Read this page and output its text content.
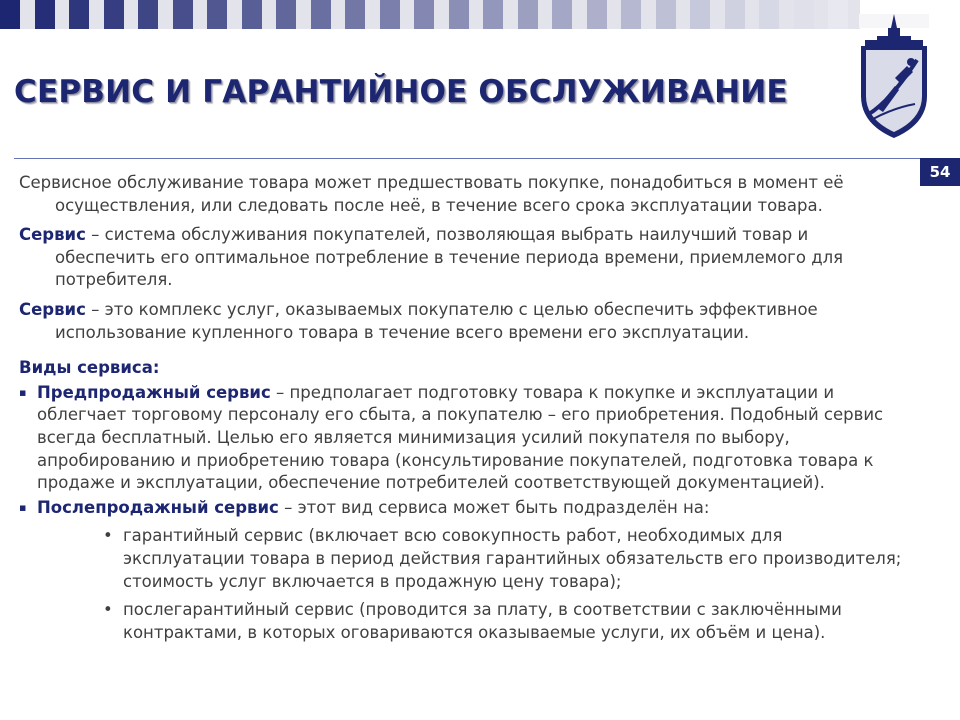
СЕРВИС И ГАРАНТИЙНОЕ ОБСЛУЖИВАНИЕ
54

Сервисное обслуживание товара может предшествовать покупке, понадобиться в момент её осуществления, или следовать после неё, в течение всего срока эксплуатации товара.

Сервис – система обслуживания покупателей, позволяющая выбрать наилучший товар и обеспечить его оптимальное потребление в течение периода времени, приемлемого для потребителя.

Сервис – это комплекс услуг, оказываемых покупателю с целью обеспечить эффективное использование купленного товара в течение всего времени его эксплуатации.

Виды сервиса:
▪ Предпродажный сервис – предполагает подготовку товара к покупке и эксплуатации и облегчает торговому персоналу его сбыта, а покупателю – его приобретения. Подобный сервис всегда бесплатный. Целью его является минимизация усилий покупателя по выбору, апробированию и приобретению товара (консультирование покупателей, подготовка товара к продаже и эксплуатации, обеспечение потребителей соответствующей документацией).
▪ Послепродажный сервис – этот вид сервиса может быть подразделён на:
• гарантийный сервис (включает всю совокупность работ, необходимых для эксплуатации товара в период действия гарантийных обязательств его производителя; стоимость услуг включается в продажную цену товара);
• послегарантийный сервис (проводится за плату, в соответствии с заключёнными контрактами, в которых оговариваются оказываемые услуги, их объём и цена).
